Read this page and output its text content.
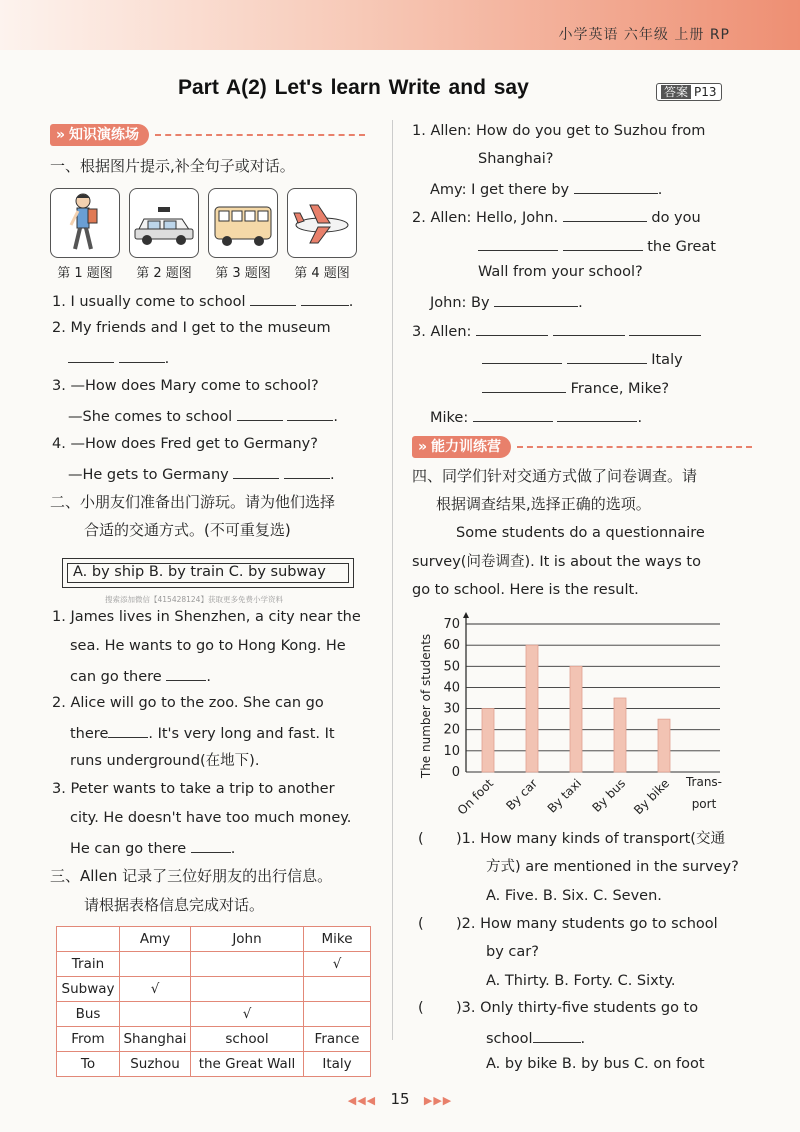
小学英语 六年级 上册 RP
Part A(2) Let's learn Write and say	答案 P13
» 知识演练场
一、根据图片提示,补全句子或对话。
第 1 题图	第 2 题图	第 3 题图	第 4 题图
1. I usually come to school	.
2. My friends and I get to the museum
.
3. —How does Mary come to school?
—She comes to school	.
4. —How does Fred get to Germany?
—He gets to Germany	.
二、小朋友们准备出门游玩。请为他们选择
合适的交通方式。(不可重复选)
A. by ship B. by train C. by subway
搜索添加微信【415428124】获取更多免费小学资料
1. James lives in Shenzhen, a city near the
sea. He wants to go to Hong Kong. He
can go there	.
2. Alice will go to the zoo. She can go
there	. It's very long and fast. It
runs underground(在地下).
3. Peter wants to take a trip to another
city. He doesn't have too much money.
He can go there	.
三、Allen 记录了三位好朋友的出行信息。
请根据表格信息完成对话。
	Amy	John	Mike
Train			√
Subway	√		
Bus		√	
From	Shanghai	school	France
To	Suzhou	the Great Wall	Italy
1. Allen: How do you get to Suzhou from
Shanghai?
Amy: I get there by	.
2. Allen: Hello, John.	do you
the Great
Wall from your school?
John: By	.
3. Allen:
Italy
France, Mike?
Mike:	.
» 能力训练营
四、同学们针对交通方式做了问卷调查。请
根据调查结果,选择正确的选项。
Some students do a questionnaire
survey(问卷调查). It is about the ways to
go to school. Here is the result.
0
10
20
30
40
50
60
70
On foot By car By taxi By bus By bike
The number of students
Trans-
port
Trans- port
( )1. How many kinds of transport(交通
方式) are mentioned in the survey?
A. Five. B. Six. C. Seven.
( )2. How many students go to school
by car?
A. Thirty. B. Forty. C. Sixty.
( )3. Only thirty-five students go to
school	.
A. by bike B. by bus C. on foot
◀◀◀ 15 ▶▶▶
